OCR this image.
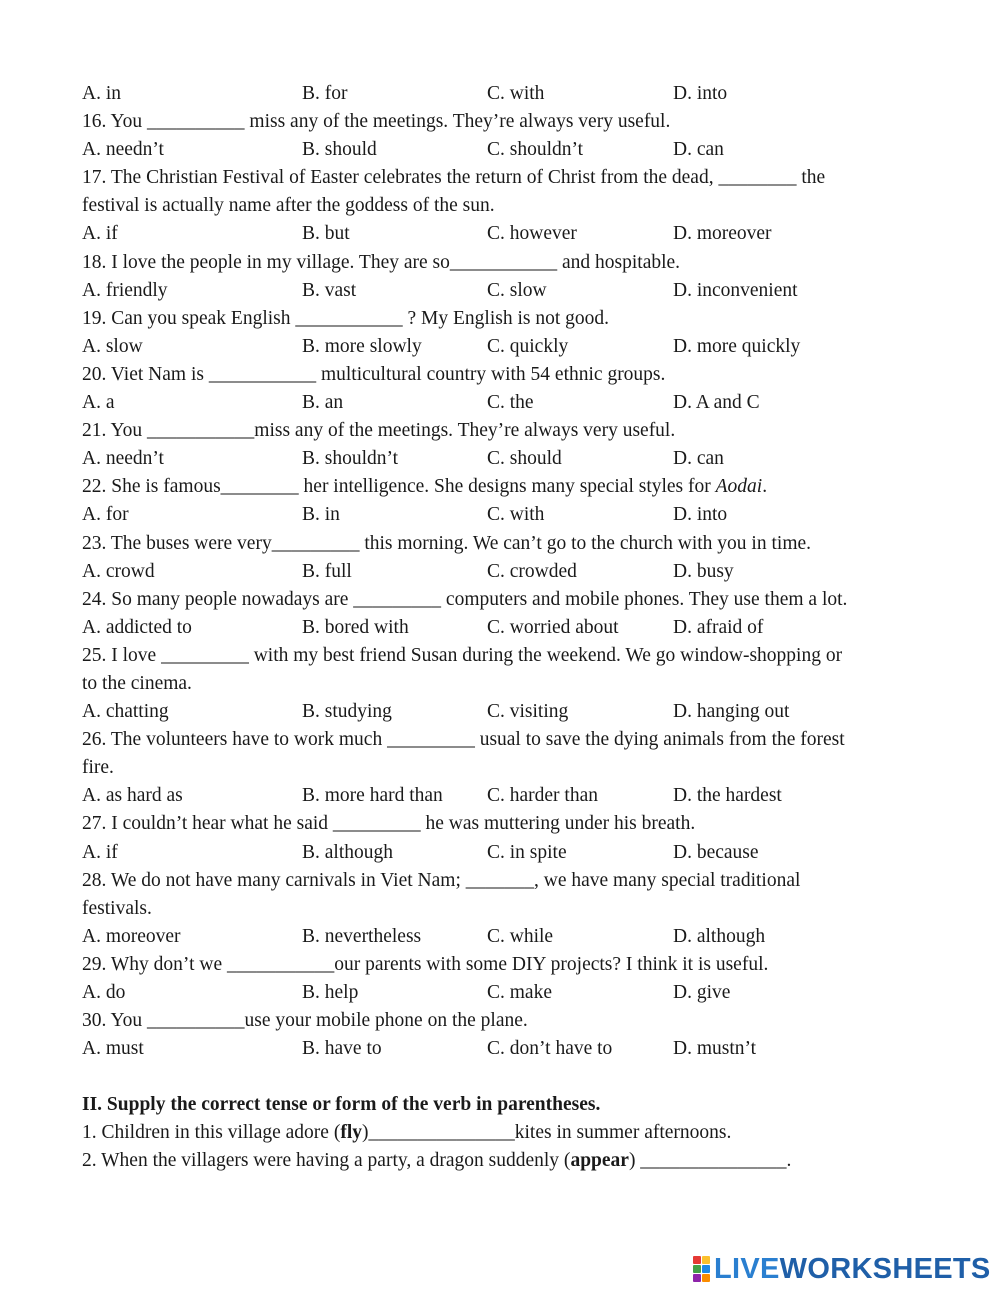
A. in	B. for	C. with	D. into
16. You __________ miss any of the meetings. They’re always very useful.
A. needn’t	B. should	C. shouldn’t	D. can
17. The Christian Festival of Easter celebrates the return of Christ from the dead, ________ the
festival is actually name after the goddess of the sun.
A. if	B. but	C. however	D. moreover
18. I love the people in my village. They are so___________ and hospitable.
A. friendly	B. vast	C. slow	D. inconvenient
19. Can you speak English ___________ ? My English is not good.
A. slow	B. more slowly	C. quickly	D. more quickly
20. Viet Nam is ___________ multicultural country with 54 ethnic groups.
A. a	B. an	C. the	D. A and C
21. You ___________miss any of the meetings. They’re always very useful.
A. needn’t	B. shouldn’t	C. should	D. can
22. She is famous________ her intelligence. She designs many special styles for Aodai.
A. for	B. in	C. with	D. into
23. The buses were very_________ this morning. We can’t go to the church with you in time.
A. crowd	B. full	C. crowded	D. busy
24. So many people nowadays are _________ computers and mobile phones. They use them a lot.
A. addicted to	B. bored with	C. worried about	D. afraid of
25. I love _________ with my best friend Susan during the weekend. We go window-shopping or
to the cinema.
A. chatting	B. studying	C. visiting	D. hanging out
26. The volunteers have to work much _________ usual to save the dying animals from the forest
fire.
A. as hard as	B. more hard than C. harder than	D. the hardest
27. I couldn’t hear what he said _________ he was muttering under his breath.
A. if	B. although	C. in spite	D. because
28. We do not have many carnivals in Viet Nam; _______, we have many special traditional
festivals.
A. moreover	B. nevertheless	C. while	D. although
29. Why don’t we ___________our parents with some DIY projects? I think it is useful.
A. do	B. help	C. make	D. give
30. You __________use your mobile phone on the plane.
A. must	B. have to	C. don’t have to	D. mustn’t
II. Supply the correct tense or form of the verb in parentheses.
1. Children in this village adore (fly)_______________kites in summer afternoons.
2. When the villagers were having a party, a dragon suddenly (appear) _______________.
LIVEWORKSHEETS
